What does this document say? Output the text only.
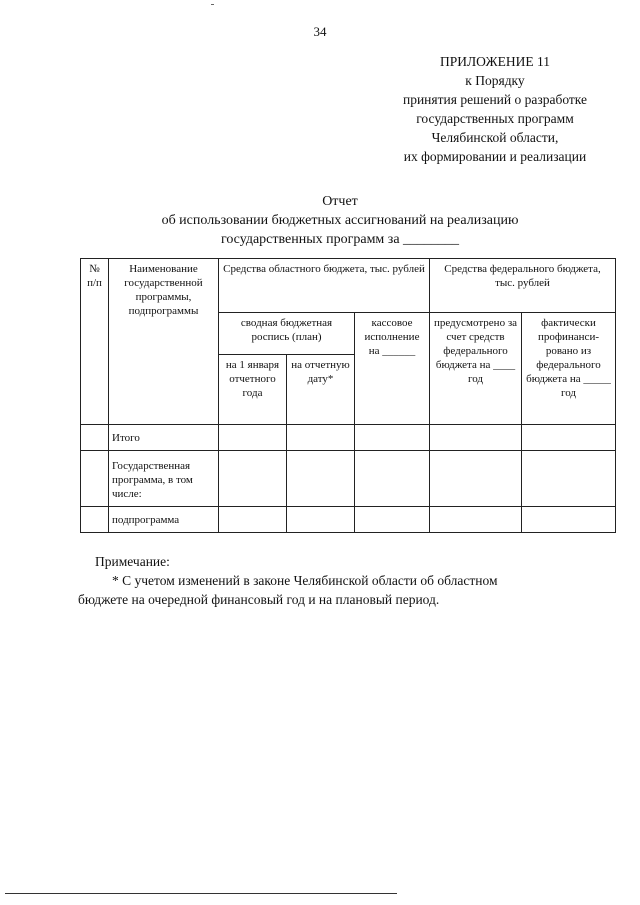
34
ПРИЛОЖЕНИЕ 11
к Порядку
принятия решений о разработке
государственных программ
Челябинской области,
их формировании и реализации
Отчет
об использовании бюджетных ассигнований на реализацию
государственных программ за ________
№ п/п	Наименование государственной программы, подпрограммы	Средства областного бюджета, тыс. рублей			Средства федерального бюджета, тыс. рублей	
		сводная бюджетная роспись (план)		кассовое исполнение на ______	предусмотрено за счет средств федерального бюджета на ____ год	фактически профинанси-ровано из федерального бюджета на _____ год
		на 1 января отчетного года	на отчетную дату*			
	Итого					
	Государственная программа, в том числе:					
	подпрограмма					
Примечание:

* С учетом изменений в законе Челябинской области об областном

бюджете на очередной финансовый год и на плановый период.
